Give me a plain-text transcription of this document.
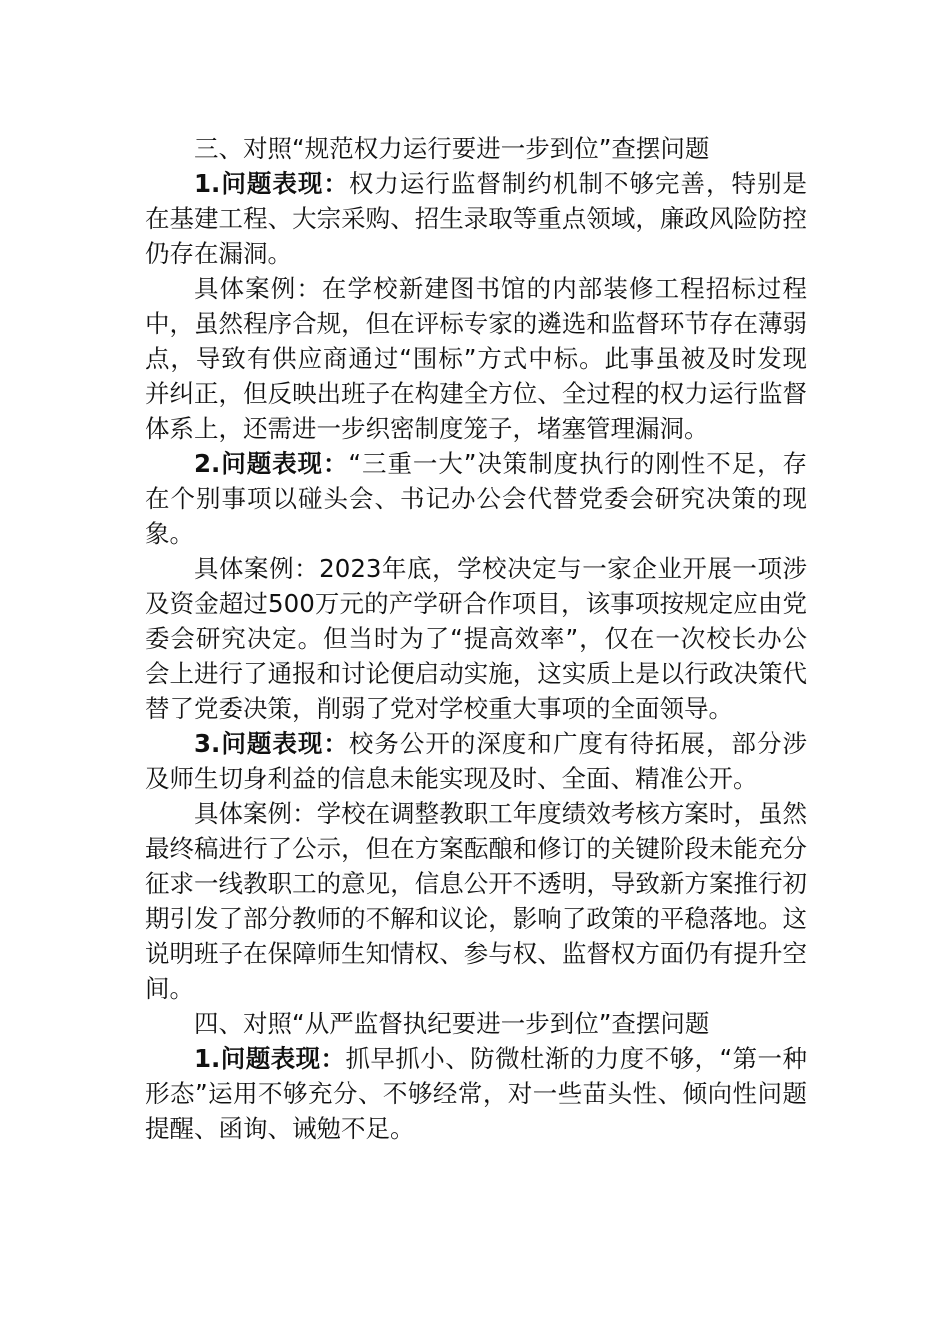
三、对照“规范权力运行要进一步到位”查摆问题

1.问题表现：权力运行监督制约机制不够完善，特别是在基建工程、大宗采购、招生录取等重点领域，廉政风险防控仍存在漏洞。

具体案例：在学校新建图书馆的内部装修工程招标过程中，虽然程序合规，但在评标专家的遴选和监督环节存在薄弱点，导致有供应商通过“围标”方式中标。此事虽被及时发现并纠正，但反映出班子在构建全方位、全过程的权力运行监督体系上，还需进一步织密制度笼子，堵塞管理漏洞。

2.问题表现：“三重一大”决策制度执行的刚性不足，存在个别事项以碰头会、书记办公会代替党委会研究决策的现象。

具体案例：2023年底，学校决定与一家企业开展一项涉及资金超过500万元的产学研合作项目，该事项按规定应由党委会研究决定。但当时为了“提高效率”，仅在一次校长办公会上进行了通报和讨论便启动实施，这实质上是以行政决策代替了党委决策，削弱了党对学校重大事项的全面领导。

3.问题表现：校务公开的深度和广度有待拓展，部分涉及师生切身利益的信息未能实现及时、全面、精准公开。

具体案例：学校在调整教职工年度绩效考核方案时，虽然最终稿进行了公示，但在方案酝酿和修订的关键阶段未能充分征求一线教职工的意见，信息公开不透明，导致新方案推行初期引发了部分教师的不解和议论，影响了政策的平稳落地。这说明班子在保障师生知情权、参与权、监督权方面仍有提升空间。

四、对照“从严监督执纪要进一步到位”查摆问题

1.问题表现：抓早抓小、防微杜渐的力度不够，“第一种形态”运用不够充分、不够经常，对一些苗头性、倾向性问题提醒、函询、诫勉不足。
